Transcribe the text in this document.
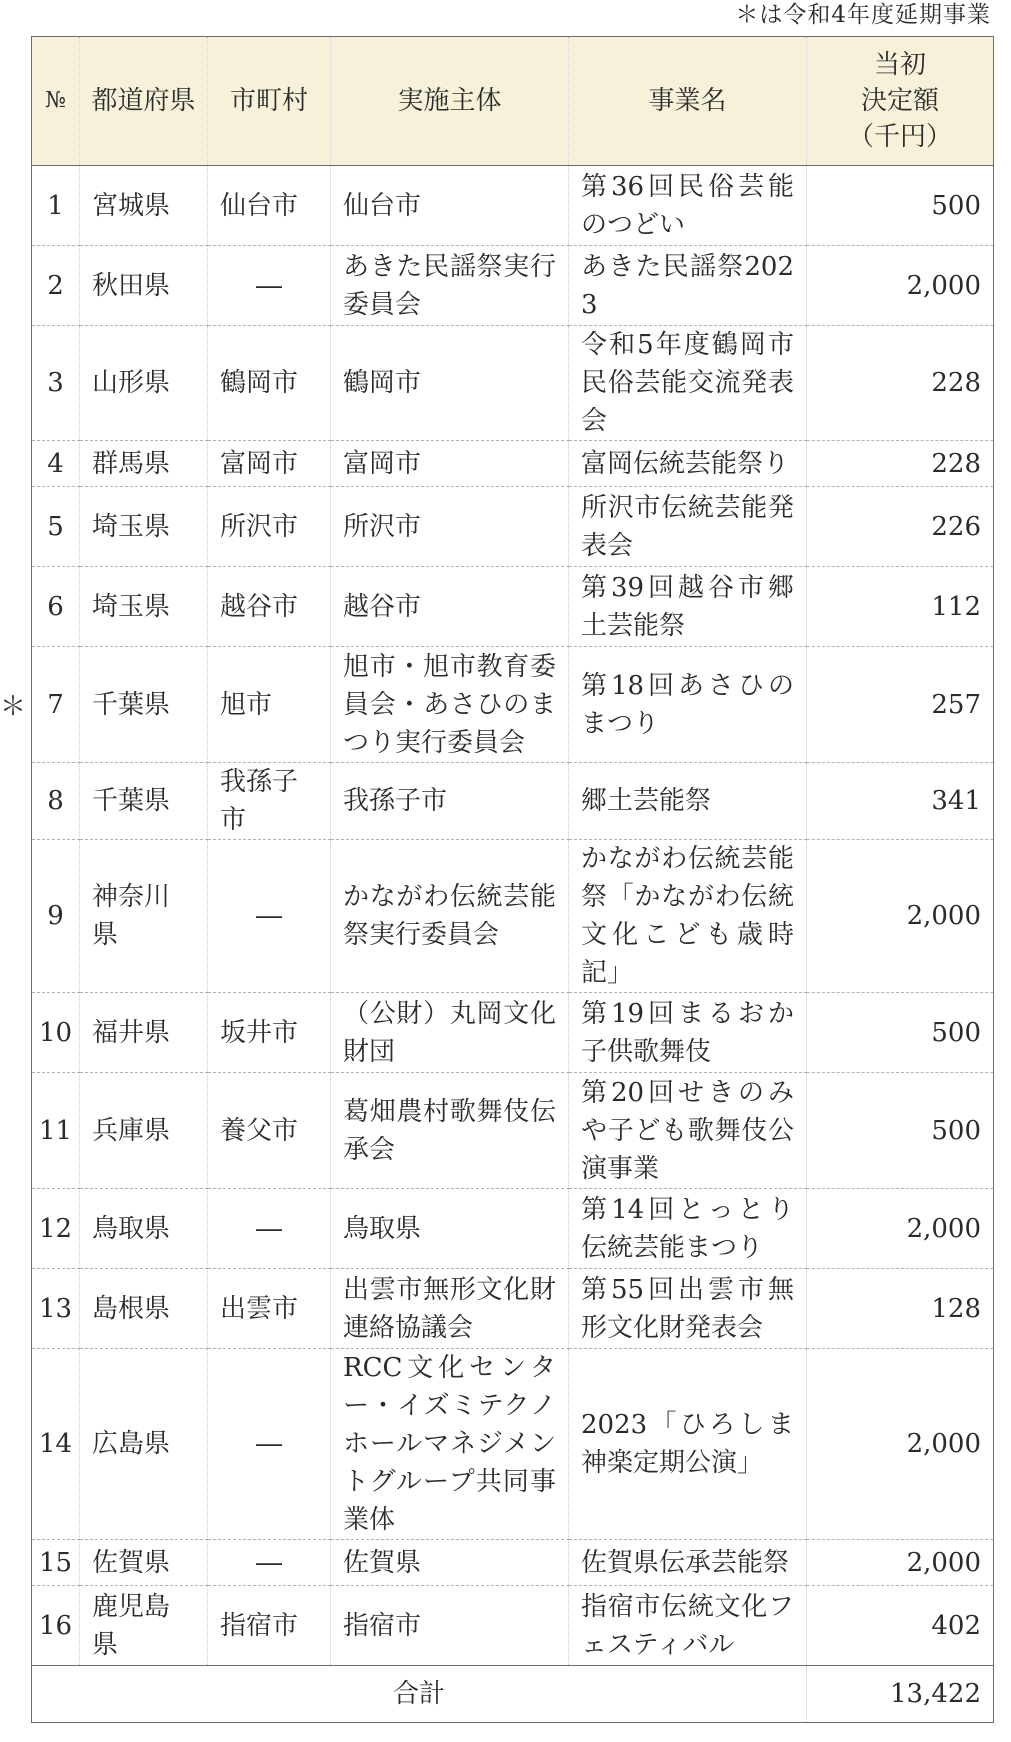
＊は令和4年度延期事業
№	都道府県	市町村	実施主体	事業名	当初
決定額
（千円）
1	宮城県	仙台市	仙台市	第36回民俗芸能のつどい	500
2	秋田県	―	あきた民謡祭実行委員会	あきた民謡祭2023	2,000
3	山形県	鶴岡市	鶴岡市	令和5年度鶴岡市民俗芸能交流発表会	228
4	群馬県	富岡市	富岡市	富岡伝統芸能祭り	228
5	埼玉県	所沢市	所沢市	所沢市伝統芸能発表会	226
6	埼玉県	越谷市	越谷市	第39回越谷市郷土芸能祭	112
7	千葉県	旭市	旭市・旭市教育委員会・あさひのまつり実行委員会	第18回あさひのまつり	257
8	千葉県	我孫子市	我孫子市	郷土芸能祭	341
9	神奈川県	―	かながわ伝統芸能祭実行委員会	かながわ伝統芸能祭「かながわ伝統文化こども歳時記」	2,000
10	福井県	坂井市	（公財）丸岡文化財団	第19回まるおか子供歌舞伎	500
11	兵庫県	養父市	葛畑農村歌舞伎伝承会	第20回せきのみや子ども歌舞伎公演事業	500
12	鳥取県	―	鳥取県	第14回とっとり伝統芸能まつり	2,000
13	島根県	出雲市	出雲市無形文化財連絡協議会	第55回出雲市無形文化財発表会	128
14	広島県	―	RCC文化センター・イズミテクノホールマネジメントグループ共同事業体	2023「ひろしま神楽定期公演」	2,000
15	佐賀県	―	佐賀県	佐賀県伝承芸能祭	2,000
16	鹿児島県	指宿市	指宿市	指宿市伝統文化フェスティバル	402
合計					13,422
＊
